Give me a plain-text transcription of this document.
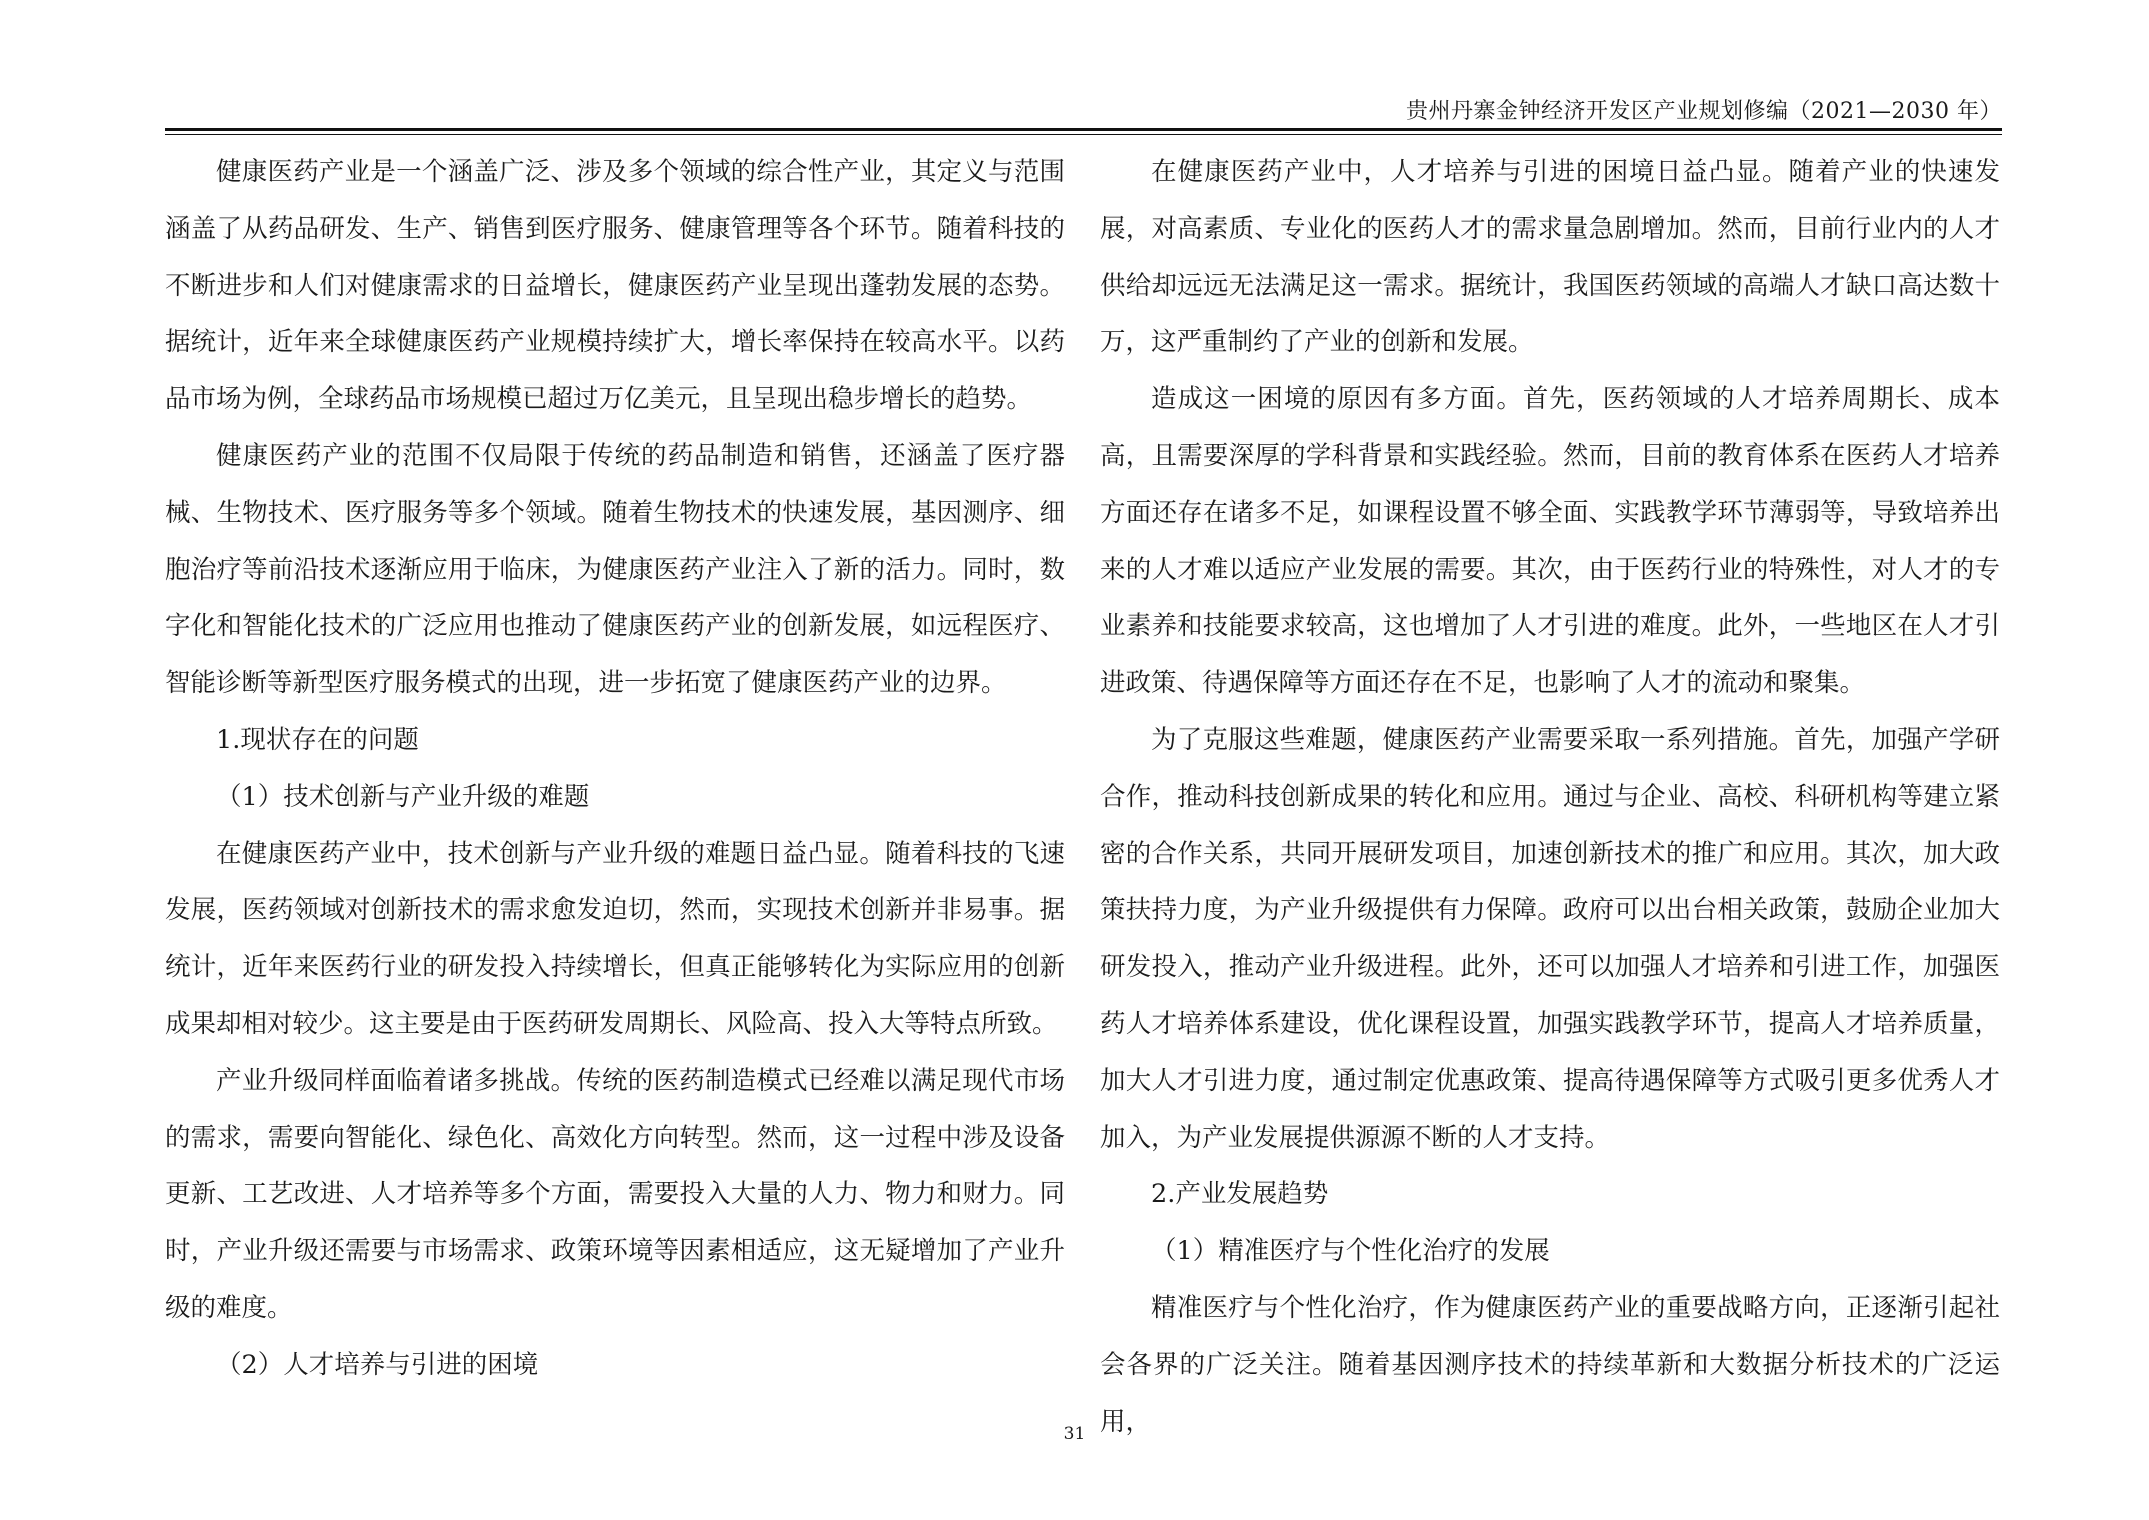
贵州丹寨金钟经济开发区产业规划修编（2021—2030 年）

健康医药产业是一个涵盖广泛、涉及多个领域的综合性产业，其定义与范围涵盖了从药品研发、生产、销售到医疗服务、健康管理等各个环节。随着科技的不断进步和人们对健康需求的日益增长，健康医药产业呈现出蓬勃发展的态势。据统计，近年来全球健康医药产业规模持续扩大，增长率保持在较高水平。以药品市场为例，全球药品市场规模已超过万亿美元，且呈现出稳步增长的趋势。

健康医药产业的范围不仅局限于传统的药品制造和销售，还涵盖了医疗器械、生物技术、医疗服务等多个领域。随着生物技术的快速发展，基因测序、细胞治疗等前沿技术逐渐应用于临床，为健康医药产业注入了新的活力。同时，数字化和智能化技术的广泛应用也推动了健康医药产业的创新发展，如远程医疗、智能诊断等新型医疗服务模式的出现，进一步拓宽了健康医药产业的边界。

1.现状存在的问题

（1）技术创新与产业升级的难题

在健康医药产业中，技术创新与产业升级的难题日益凸显。随着科技的飞速发展，医药领域对创新技术的需求愈发迫切，然而，实现技术创新并非易事。据统计，近年来医药行业的研发投入持续增长，但真正能够转化为实际应用的创新成果却相对较少。这主要是由于医药研发周期长、风险高、投入大等特点所致。

产业升级同样面临着诸多挑战。传统的医药制造模式已经难以满足现代市场的需求，需要向智能化、绿色化、高效化方向转型。然而，这一过程中涉及设备更新、工艺改进、人才培养等多个方面，需要投入大量的人力、物力和财力。同时，产业升级还需要与市场需求、政策环境等因素相适应，这无疑增加了产业升级的难度。

（2）人才培养与引进的困境

在健康医药产业中，人才培养与引进的困境日益凸显。随着产业的快速发展，对高素质、专业化的医药人才的需求量急剧增加。然而，目前行业内的人才供给却远远无法满足这一需求。据统计，我国医药领域的高端人才缺口高达数十万，这严重制约了产业的创新和发展。

造成这一困境的原因有多方面。首先，医药领域的人才培养周期长、成本高，且需要深厚的学科背景和实践经验。然而，目前的教育体系在医药人才培养方面还存在诸多不足，如课程设置不够全面、实践教学环节薄弱等，导致培养出来的人才难以适应产业发展的需要。其次，由于医药行业的特殊性，对人才的专业素养和技能要求较高，这也增加了人才引进的难度。此外，一些地区在人才引进政策、待遇保障等方面还存在不足，也影响了人才的流动和聚集。

为了克服这些难题，健康医药产业需要采取一系列措施。首先，加强产学研合作，推动科技创新成果的转化和应用。通过与企业、高校、科研机构等建立紧密的合作关系，共同开展研发项目，加速创新技术的推广和应用。其次，加大政策扶持力度，为产业升级提供有力保障。政府可以出台相关政策，鼓励企业加大研发投入，推动产业升级进程。此外，还可以加强人才培养和引进工作，加强医药人才培养体系建设，优化课程设置，加强实践教学环节，提高人才培养质量，加大人才引进力度，通过制定优惠政策、提高待遇保障等方式吸引更多优秀人才加入，为产业发展提供源源不断的人才支持。

2.产业发展趋势

（1）精准医疗与个性化治疗的发展

精准医疗与个性化治疗，作为健康医药产业的重要战略方向，正逐渐引起社会各界的广泛关注。随着基因测序技术的持续革新和大数据分析技术的广泛运用，

31
